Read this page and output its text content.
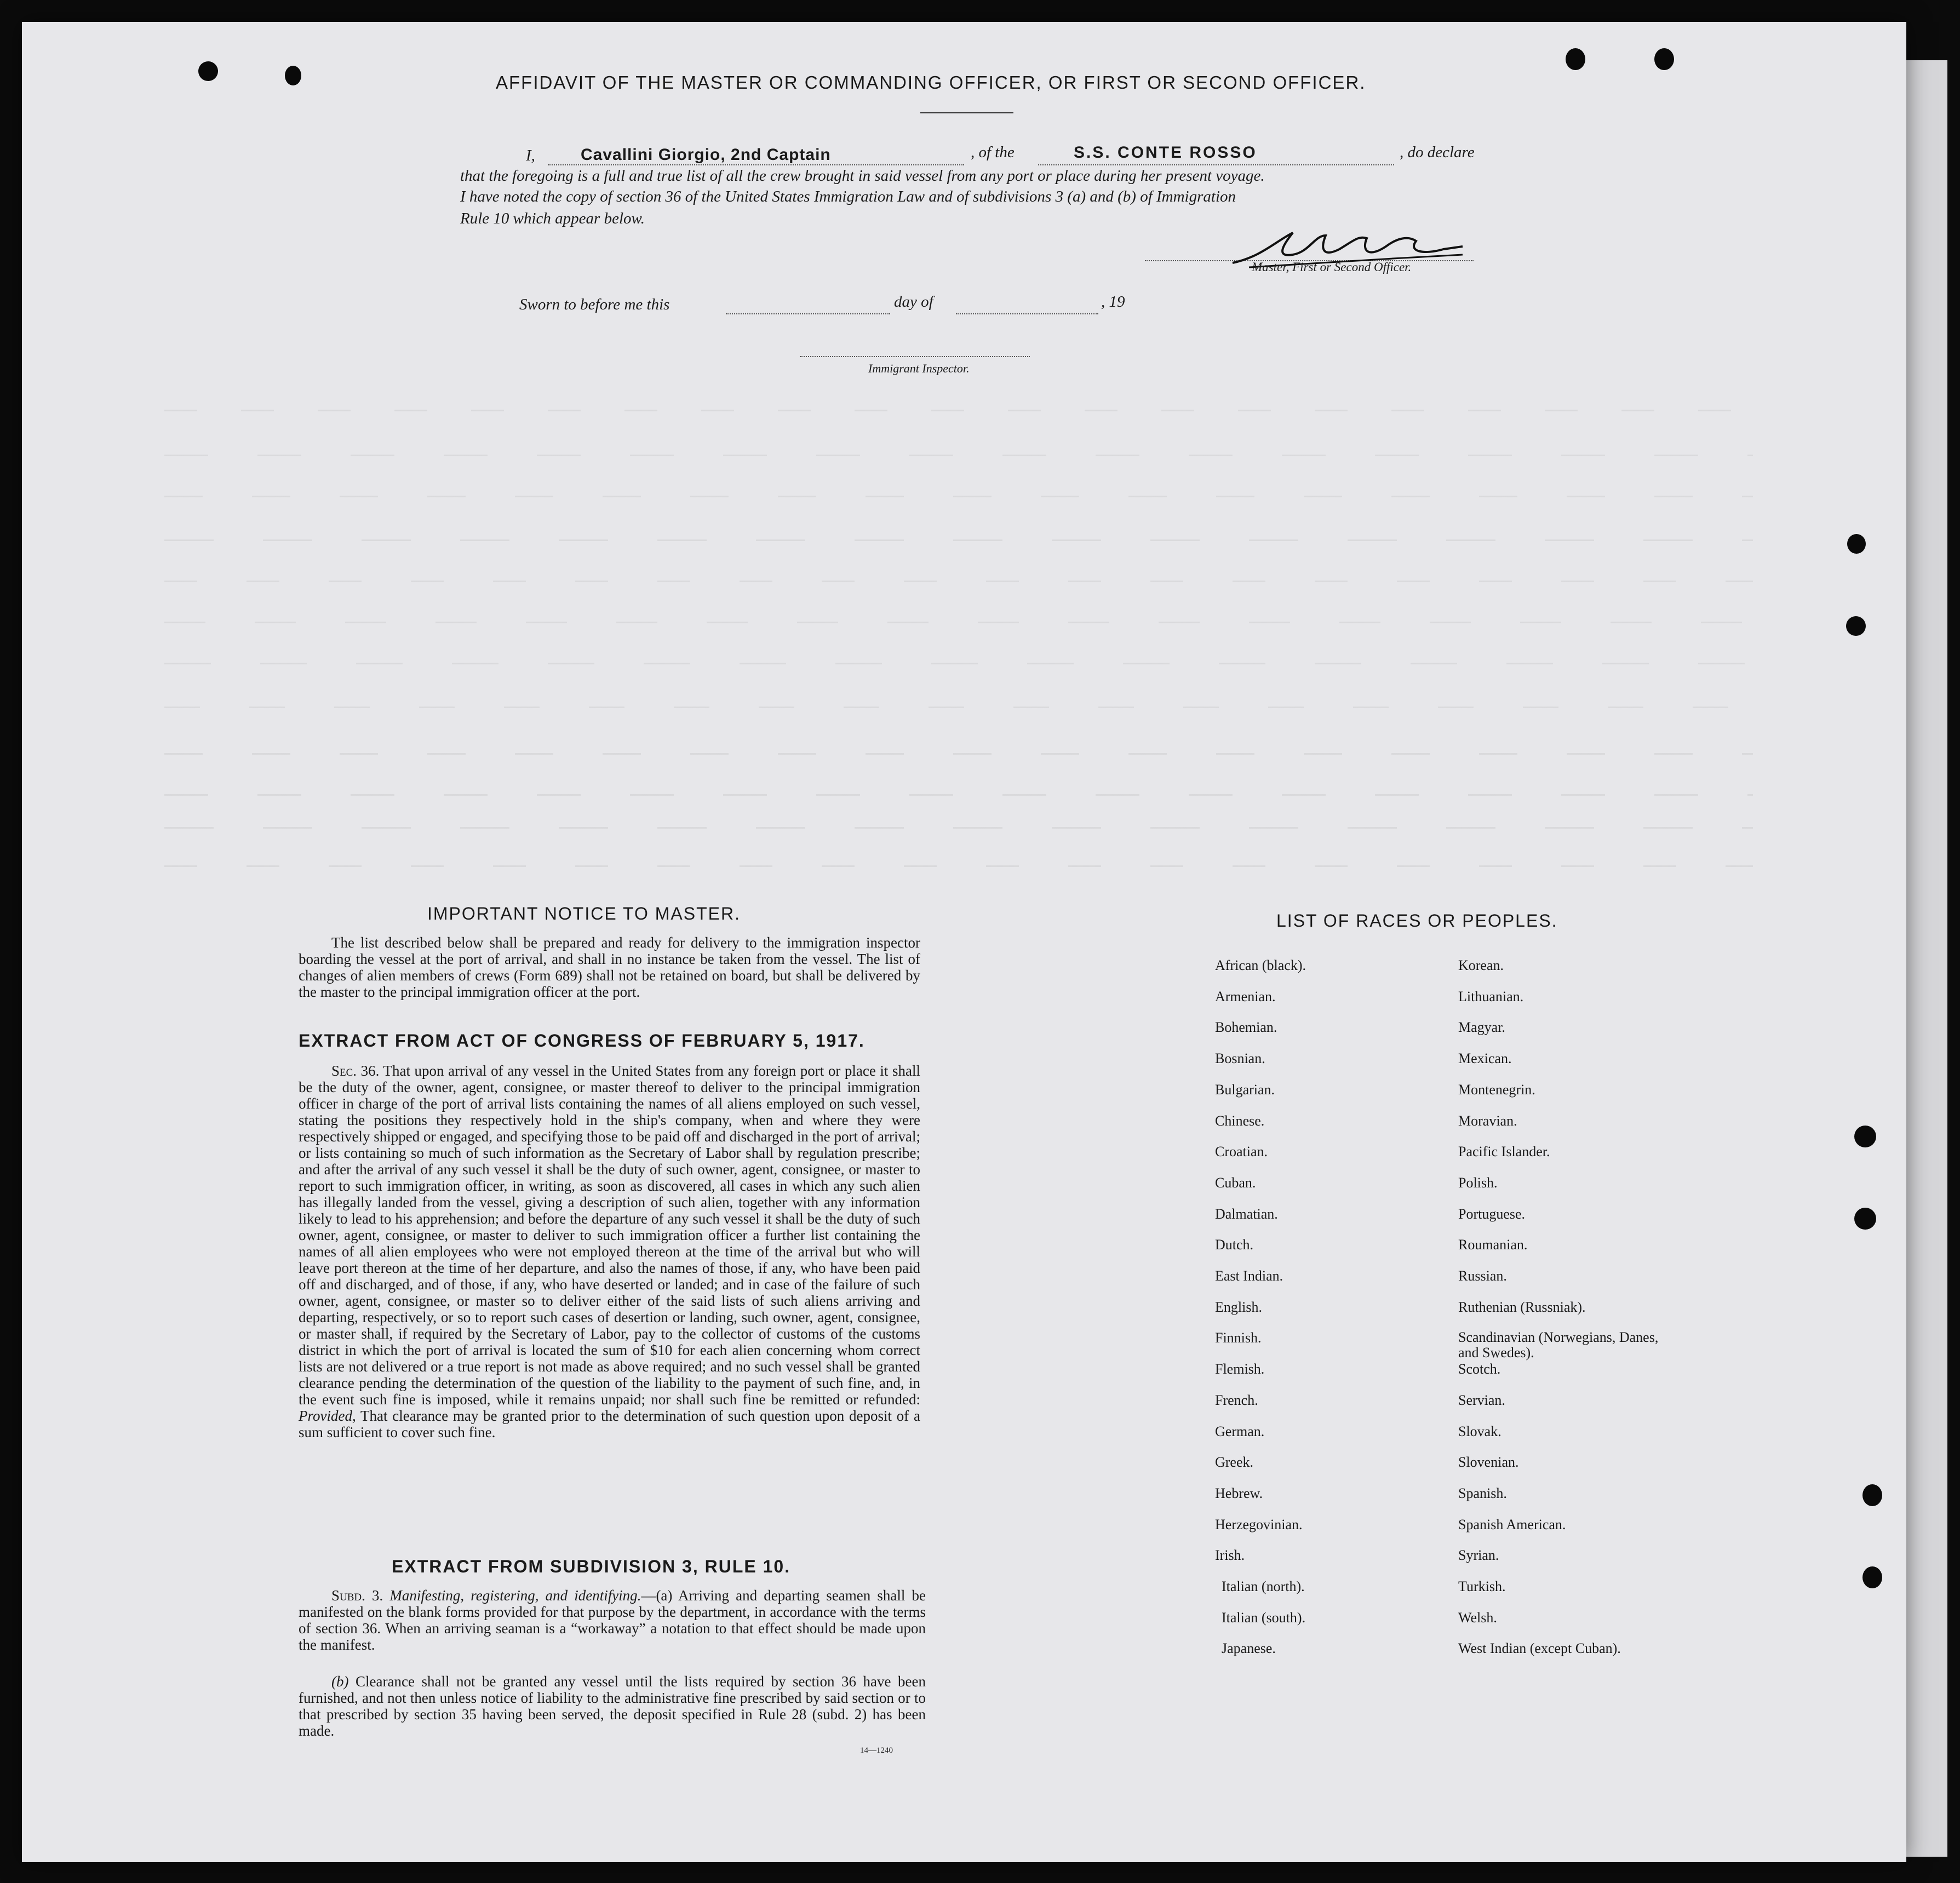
AFFIDAVIT OF THE MASTER OR COMMANDING OFFICER, OR FIRST OR SECOND OFFICER.
I,	Cavallini Giorgio, 2nd Captain	, of the	S.S. CONTE ROSSO	, do declare
that the foregoing is a full and true list of all the crew brought in said vessel from any port or place during her present voyage.
I have noted the copy of section 36 of the United States Immigration Law and of subdivisions 3 (a) and (b) of Immigration
Rule 10 which appear below.
Master, First or Second Officer.
Sworn to before me this	day of	, 19
Immigrant Inspector.
IMPORTANT NOTICE TO MASTER.
The list described below shall be prepared and ready for delivery to the immigration inspector boarding the vessel at the port of arrival, and shall in no instance be taken from the vessel. The list of changes of alien members of crews (Form 689) shall not be retained on board, but shall be delivered by the master to the principal immigration officer at the port.
EXTRACT FROM ACT OF CONGRESS OF FEBRUARY 5, 1917.
Sec. 36. That upon arrival of any vessel in the United States from any foreign port or place it shall be the duty of the owner, agent, consignee, or master thereof to deliver to the principal immigration officer in charge of the port of arrival lists containing the names of all aliens employed on such vessel, stating the positions they respectively hold in the ship's company, when and where they were respectively shipped or engaged, and specifying those to be paid off and discharged in the port of arrival; or lists containing so much of such information as the Secretary of Labor shall by regulation prescribe; and after the arrival of any such vessel it shall be the duty of such owner, agent, consignee, or master to report to such immigration officer, in writing, as soon as discovered, all cases in which any such alien has illegally landed from the vessel, giving a description of such alien, together with any information likely to lead to his apprehension; and before the departure of any such vessel it shall be the duty of such owner, agent, consignee, or master to deliver to such immigration officer a further list containing the names of all alien employees who were not employed thereon at the time of the arrival but who will leave port thereon at the time of her departure, and also the names of those, if any, who have been paid off and discharged, and of those, if any, who have deserted or landed; and in case of the failure of such owner, agent, consignee, or master so to deliver either of the said lists of such aliens arriving and departing, respectively, or so to report such cases of desertion or landing, such owner, agent, consignee, or master shall, if required by the Secretary of Labor, pay to the collector of customs of the customs district in which the port of arrival is located the sum of $10 for each alien concerning whom correct lists are not delivered or a true report is not made as above required; and no such vessel shall be granted clearance pending the determination of the question of the liability to the payment of such fine, and, in the event such fine is imposed, while it remains unpaid; nor shall such fine be remitted or refunded: Provided, That clearance may be granted prior to the determination of such question upon deposit of a sum sufficient to cover such fine.
EXTRACT FROM SUBDIVISION 3, RULE 10.
Subd. 3. Manifesting, registering, and identifying.—(a) Arriving and departing seamen shall be manifested on the blank forms provided for that purpose by the department, in accordance with the terms of section 36. When an arriving seaman is a “workaway” a notation to that effect should be made upon the manifest.
(b) Clearance shall not be granted any vessel until the lists required by section 36 have been furnished, and not then unless notice of liability to the administrative fine prescribed by said section or to that prescribed by section 35 having been served, the deposit specified in Rule 28 (subd. 2) has been made.
14—1240
LIST OF RACES OR PEOPLES.
African (black).
Armenian.
Bohemian.
Bosnian.
Bulgarian.
Chinese.
Croatian.
Cuban.
Dalmatian.
Dutch.
East Indian.
English.
Finnish.
Flemish.
French.
German.
Greek.
Hebrew.
Herzegovinian.
Irish.
Italian (north).
Italian (south).
Japanese.
Korean.
Lithuanian.
Magyar.
Mexican.
Montenegrin.
Moravian.
Pacific Islander.
Polish.
Portuguese.
Roumanian.
Russian.
Ruthenian (Russniak).
Scandinavian (Norwegians, Danes, and Swedes).
Scotch.
Servian.
Slovak.
Slovenian.
Spanish.
Spanish American.
Syrian.
Turkish.
Welsh.
West Indian (except Cuban).
